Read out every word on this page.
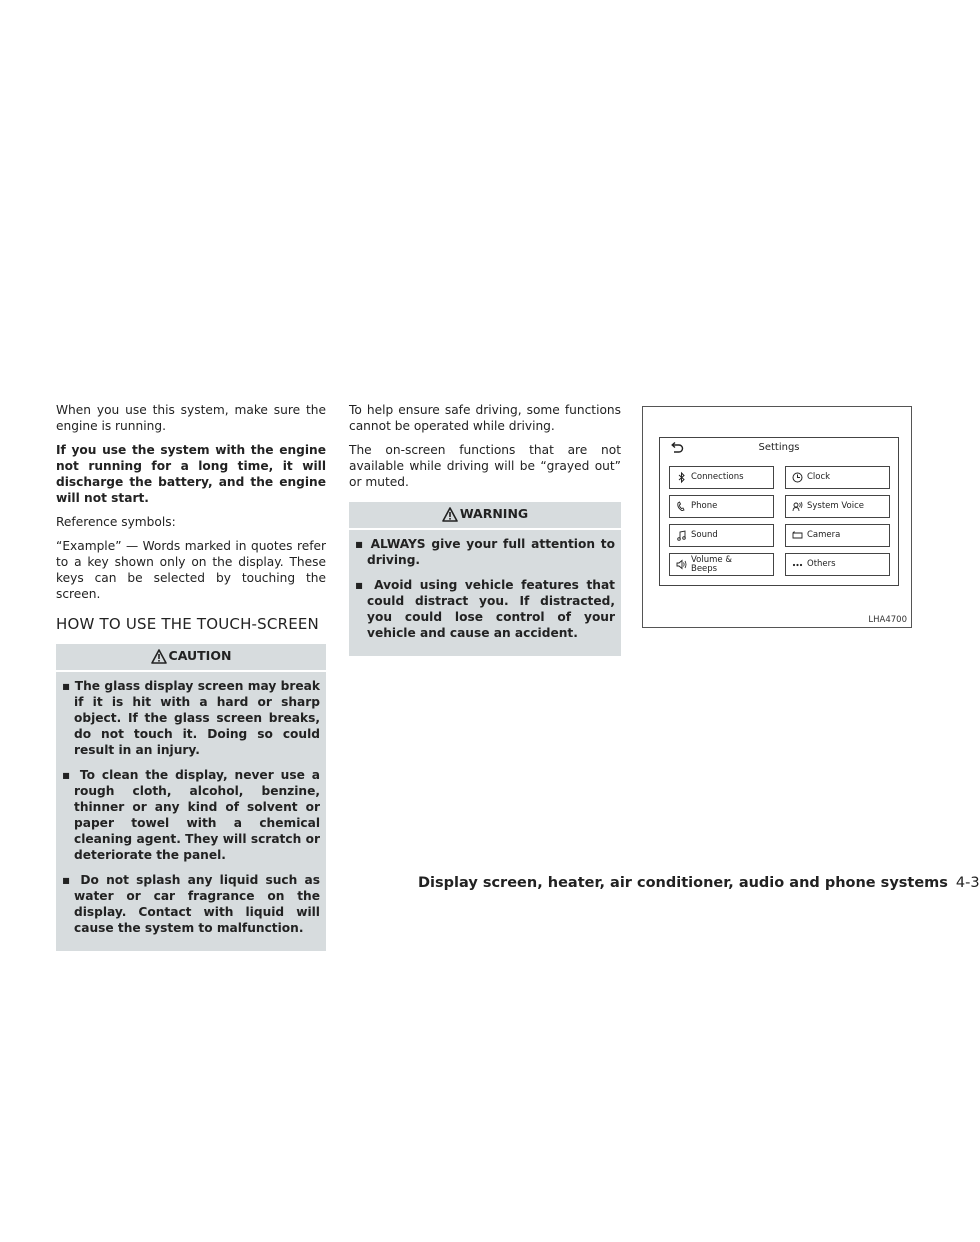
When you use this system, make sure the engine is running.

If you use the system with the engine not running for a long time, it will discharge the battery, and the engine will not start.

Reference symbols:

“Example” — Words marked in quotes refer to a key shown only on the display. These keys can be selected by touching the screen.

HOW TO USE THE TOUCH-SCREEN
CAUTION
▪ The glass display screen may break if it is hit with a hard or sharp object. If the glass screen breaks, do not touch it. Doing so could result in an injury.
▪ To clean the display, never use a rough cloth, alcohol, benzine, thinner or any kind of solvent or paper towel with a chemical cleaning agent. They will scratch or deteriorate the panel.
▪ Do not splash any liquid such as water or car fragrance on the display. Contact with liquid will cause the system to malfunction.

To help ensure safe driving, some functions cannot be operated while driving.

The on-screen functions that are not available while driving will be “grayed out” or muted.

WARNING
▪ ALWAYS give your full attention to driving.
▪ Avoid using vehicle features that could distract you. If distracted, you could lose control of your vehicle and cause an accident.
Settings
Connections	Clock
Phone	System Voice
Sound	Camera
Volume &
Beeps	Others
LHA4700
Display screen, heater, air conditioner, audio and phone systems 4-3
